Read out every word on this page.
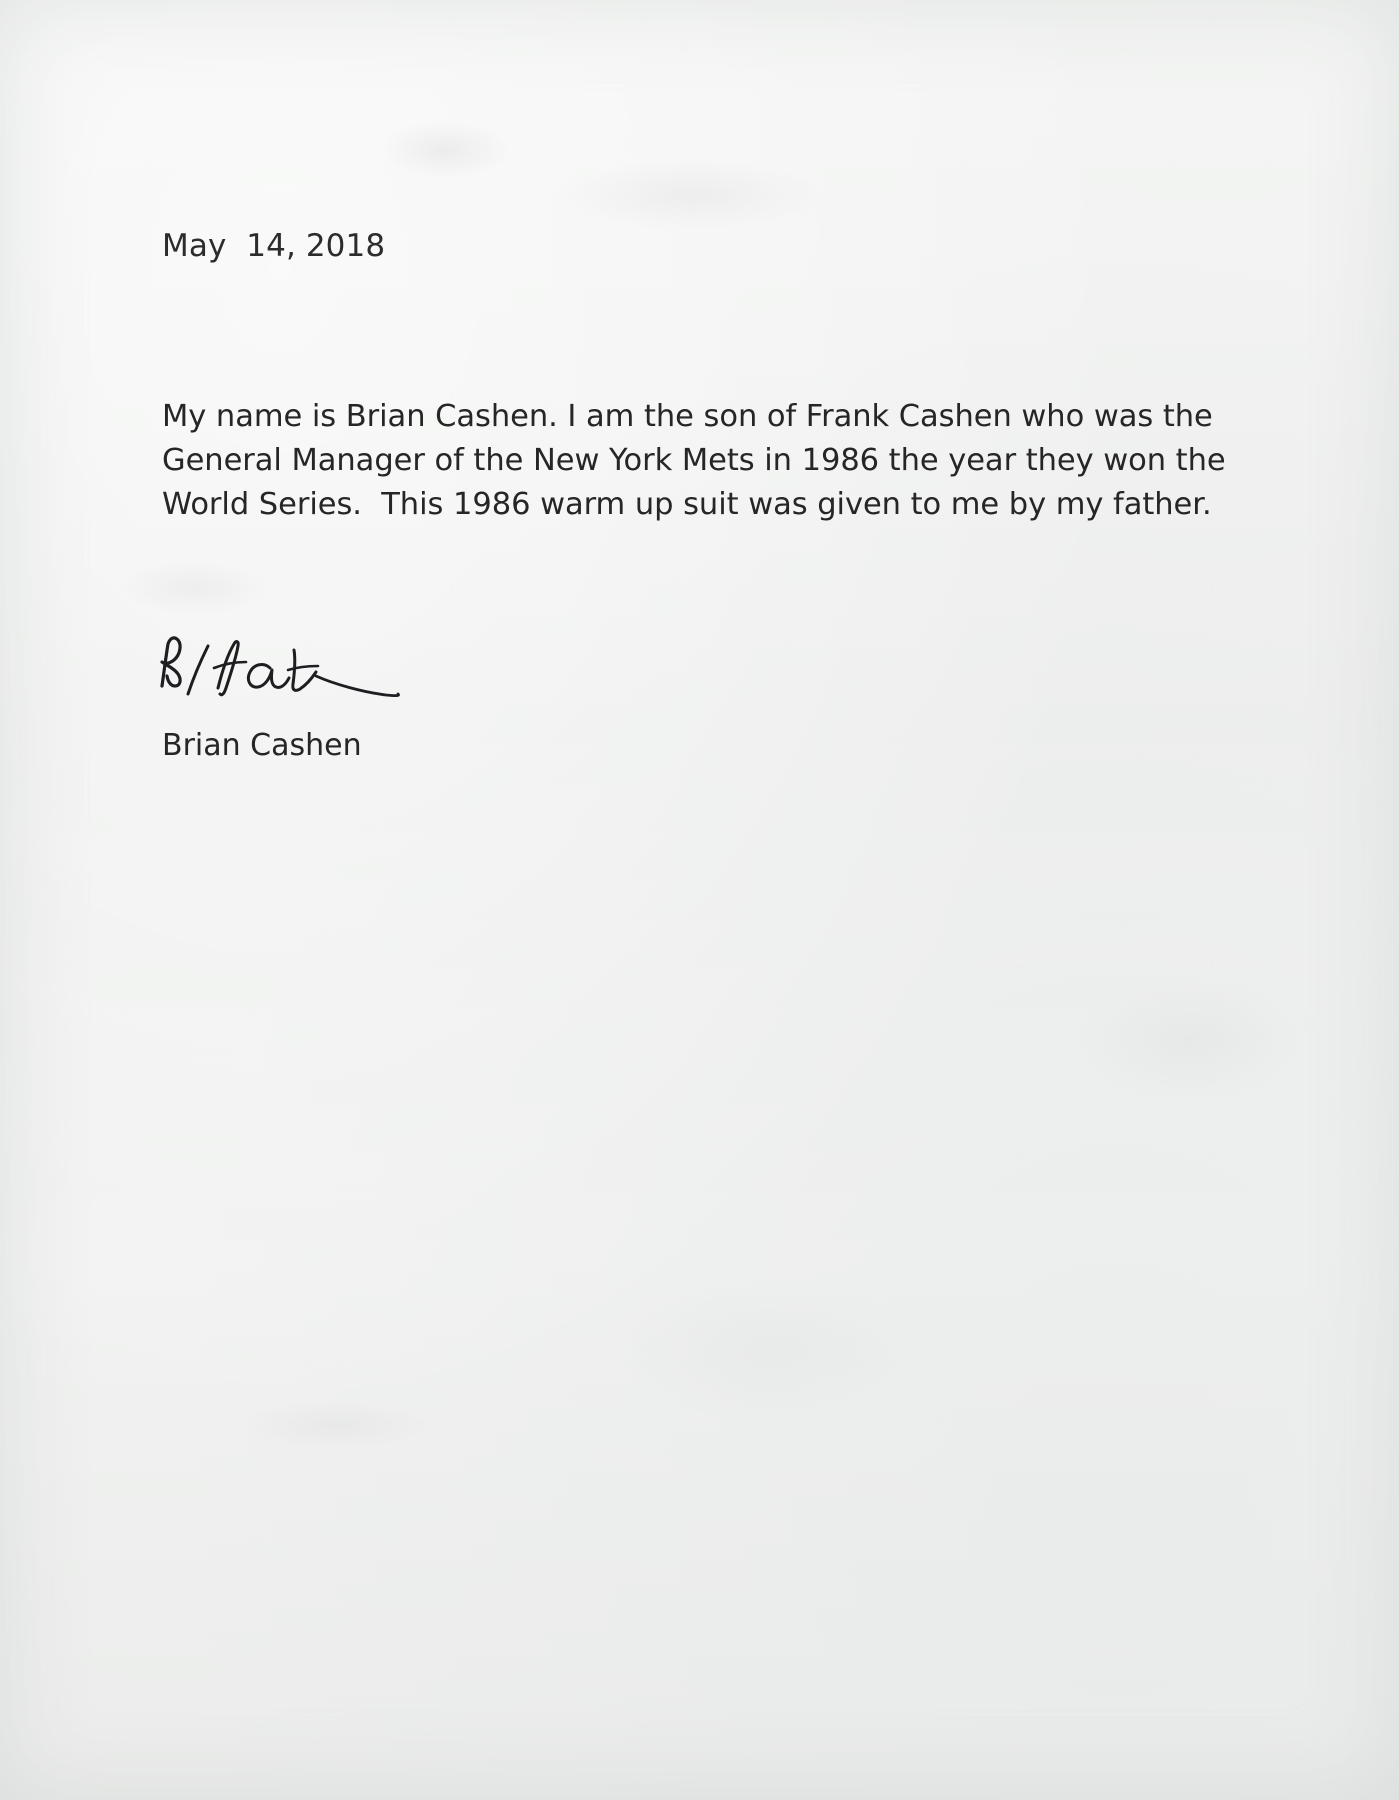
May  14, 2018
My name is Brian Cashen. I am the son of Frank Cashen who was the
General Manager of the New York Mets in 1986 the year they won the
World Series.  This 1986 warm up suit was given to me by my father.
Brian Cashen
